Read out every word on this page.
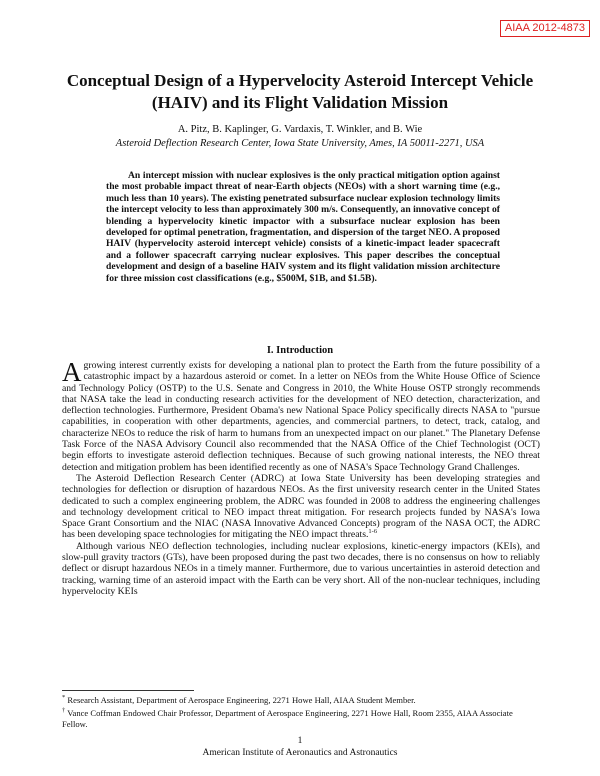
AIAA 2012-4873
Conceptual Design of a Hypervelocity Asteroid Intercept Vehicle (HAIV) and its Flight Validation Mission
A. Pitz, B. Kaplinger, G. Vardaxis, T. Winkler, and B. Wie
Asteroid Deflection Research Center, Iowa State University, Ames, IA 50011-2271, USA
An intercept mission with nuclear explosives is the only practical mitigation option against the most probable impact threat of near-Earth objects (NEOs) with a short warning time (e.g., much less than 10 years). The existing penetrated subsurface nuclear explosion technology limits the intercept velocity to less than approximately 300 m/s. Consequently, an innovative concept of blending a hypervelocity kinetic impactor with a subsurface nuclear explosion has been developed for optimal penetration, fragmentation, and dispersion of the target NEO. A proposed HAIV (hypervelocity asteroid intercept vehicle) consists of a kinetic-impact leader spacecraft and a follower spacecraft carrying nuclear explosives. This paper describes the conceptual development and design of a baseline HAIV system and its flight validation mission architecture for three mission cost classifications (e.g., $500M, $1B, and $1.5B).
I. Introduction

Agrowing interest currently exists for developing a national plan to protect the Earth from the future possibility of a catastrophic impact by a hazardous asteroid or comet. In a letter on NEOs from the White House Office of Science and Technology Policy (OSTP) to the U.S. Senate and Congress in 2010, the White House OSTP strongly recommends that NASA take the lead in conducting research activities for the development of NEO detection, characterization, and deflection technologies. Furthermore, President Obama's new National Space Policy specifically directs NASA to "pursue capabilities, in cooperation with other departments, agencies, and commercial partners, to detect, track, catalog, and characterize NEOs to reduce the risk of harm to humans from an unexpected impact on our planet." The Planetary Defense Task Force of the NASA Advisory Council also recommended that the NASA Office of the Chief Technologist (OCT) begin efforts to investigate asteroid deflection techniques. Because of such growing national interests, the NEO threat detection and mitigation problem has been identified recently as one of NASA's Space Technology Grand Challenges.

The Asteroid Deflection Research Center (ADRC) at Iowa State University has been developing strategies and technologies for deflection or disruption of hazardous NEOs. As the first university research center in the United States dedicated to such a complex engineering problem, the ADRC was founded in 2008 to address the engineering challenges and technology development critical to NEO impact threat mitigation. For research projects funded by NASA's Iowa Space Grant Consortium and the NIAC (NASA Innovative Advanced Concepts) program of the NASA OCT, the ADRC has been developing space technologies for mitigating the NEO impact threats.$^{1-6}$

Although various NEO deflection technologies, including nuclear explosions, kinetic-energy impactors (KEIs), and slow-pull gravity tractors (GTs), have been proposed during the past two decades, there is no consensus on how to reliably deflect or disrupt hazardous NEOs in a timely manner. Furthermore, due to various uncertainties in asteroid detection and tracking, warning time of an asteroid impact with the Earth can be very short. All of the non-nuclear techniques, including hypervelocity KEIs

* Research Assistant, Department of Aerospace Engineering, 2271 Howe Hall, AIAA Student Member.
† Vance Coffman Endowed Chair Professor, Department of Aerospace Engineering, 2271 Howe Hall, Room 2355, AIAA Associate Fellow.
1
American Institute of Aeronautics and Astronautics
